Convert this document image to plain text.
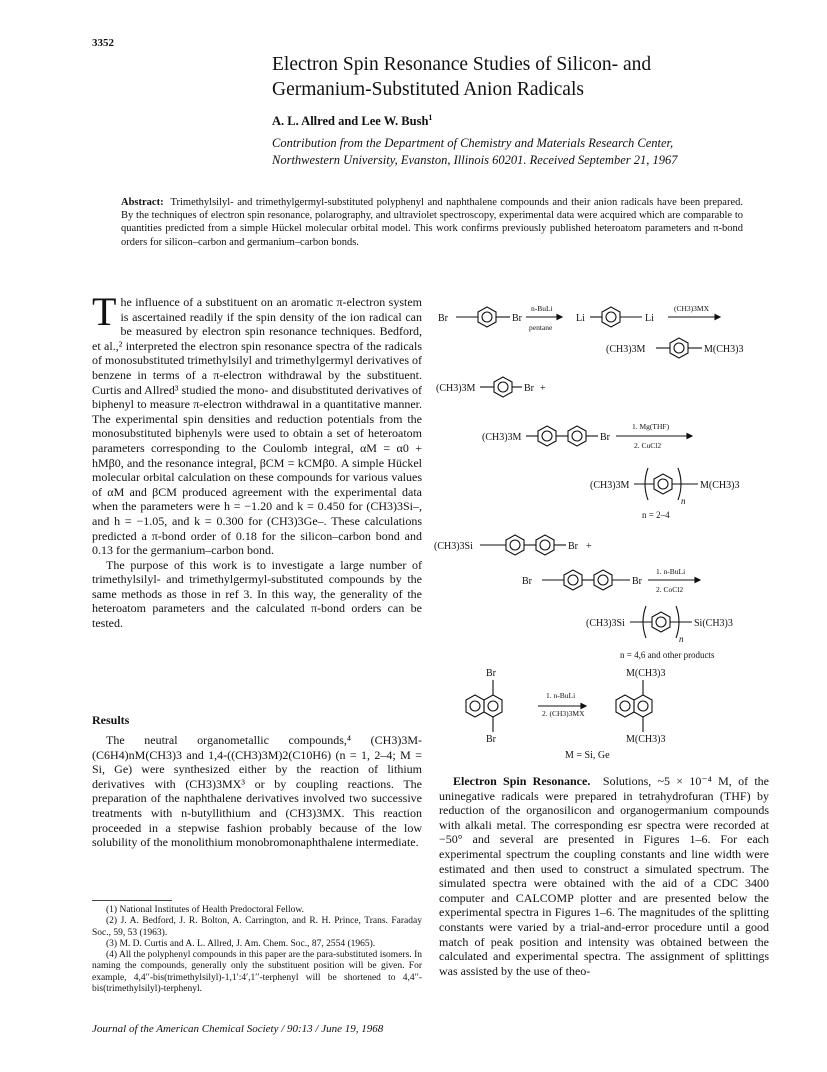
3352
Electron Spin Resonance Studies of Silicon- and Germanium-Substituted Anion Radicals
A. L. Allred and Lee W. Bush$^1$
Contribution from the Department of Chemistry and Materials Research Center,
Northwestern University, Evanston, Illinois 60201. Received September 21, 1967
Abstract: Trimethylsilyl- and trimethylgermyl-substituted polyphenyl and naphthalene compounds and their anion radicals have been prepared. By the techniques of electron spin resonance, polarography, and ultraviolet spectroscopy, experimental data were acquired which are comparable to quantities predicted from a simple Hückel molecular orbital model. This work confirms previously published heteroatom parameters and π-bond orders for silicon–carbon and germanium–carbon bonds.

The influence of a substituent on an aromatic π-electron system is ascertained readily if the spin density of the ion radical can be measured by electron spin resonance techniques. Bedford, et al.,² interpreted the electron spin resonance spectra of the radicals of monosubstituted trimethylsilyl and trimethylgermyl derivatives of benzene in terms of a π-electron withdrawal by the substituent. Curtis and Allred³ studied the mono- and disubstituted derivatives of biphenyl to measure π-electron withdrawal in a quantitative manner. The experimental spin densities and reduction potentials from the monosubstituted biphenyls were used to obtain a set of heteroatom parameters corresponding to the Coulomb integral, αM = α0 + hMβ0, and the resonance integral, βCM = kCMβ0. A simple Hückel molecular orbital calculation on these compounds for various values of αM and βCM produced agreement with the experimental data when the parameters were h = −1.20 and k = 0.450 for (CH3)3Si–, and h = −1.05, and k = 0.300 for (CH3)3Ge–. These calculations predicted a π-bond order of 0.18 for the silicon–carbon bond and 0.13 for the germanium–carbon bond.

The purpose of this work is to investigate a large number of trimethylsilyl- and trimethylgermyl-substituted compounds by the same methods as those in ref 3. In this way, the generality of the heteroatom parameters and the calculated π-bond orders can be tested.

Results

The neutral organometallic compounds,⁴ (CH3)3M-(C6H4)nM(CH3)3 and 1,4-((CH3)3M)2(C10H6) (n = 1, 2–4; M = Si, Ge) were synthesized either by the reaction of lithium derivatives with (CH3)3MX³ or by coupling reactions. The preparation of the naphthalene derivatives involved two successive treatments with n-butyllithium and (CH3)3MX. This reaction proceeded in a stepwise fashion probably because of the low solubility of the monolithium monobromonaphthalene intermediate.

(1) National Institutes of Health Predoctoral Fellow.

(2) J. A. Bedford, J. R. Bolton, A. Carrington, and R. H. Prince, Trans. Faraday Soc., 59, 53 (1963).

(3) M. D. Curtis and A. L. Allred, J. Am. Chem. Soc., 87, 2554 (1965).

(4) All the polyphenyl compounds in this paper are the para-substituted isomers. In naming the compounds, generally only the substituent position will be given. For example, 4,4′′-bis(trimethylsilyl)-1,1′:4′,1′′-terphenyl will be shortened to 4,4′′-bis(trimethylsilyl)-terphenyl.

Br	Br
n-BuLi
pentane
Li	Li
(CH3)3MX
(CH3)3M	M(CH3)3
(CH3)3M	Br +
(CH3)3M	Br
1. Mg(THF)
2. CuCl2
(CH3)3M	M(CH3)3
n
n = 2–4
(CH3)3Si	Br +
Br	Br
1. n-BuLi
2. CoCl2
(CH3)3Si	Si(CH3)3
n
n = 4,6 and other products
Br
Br
1. n-BuLi
2. (CH3)3MX
M(CH3)3
M(CH3)3
M = Si, Ge

Electron Spin Resonance. Solutions, ~5 × 10⁻⁴ M, of the uninegative radicals were prepared in tetrahydrofuran (THF) by reduction of the organosilicon and organogermanium compounds with alkali metal. The corresponding esr spectra were recorded at −50° and several are presented in Figures 1–6. For each experimental spectrum the coupling constants and line width were estimated and then used to construct a simulated spectrum. The simulated spectra were obtained with the aid of a CDC 3400 computer and CALCOMP plotter and are presented below the experimental spectra in Figures 1–6. The magnitudes of the splitting constants were varied by a trial-and-error procedure until a good match of peak position and intensity was obtained between the calculated and experimental spectra. The assignment of splittings was assisted by the use of theo-

Journal of the American Chemical Society / 90:13 / June 19, 1968
